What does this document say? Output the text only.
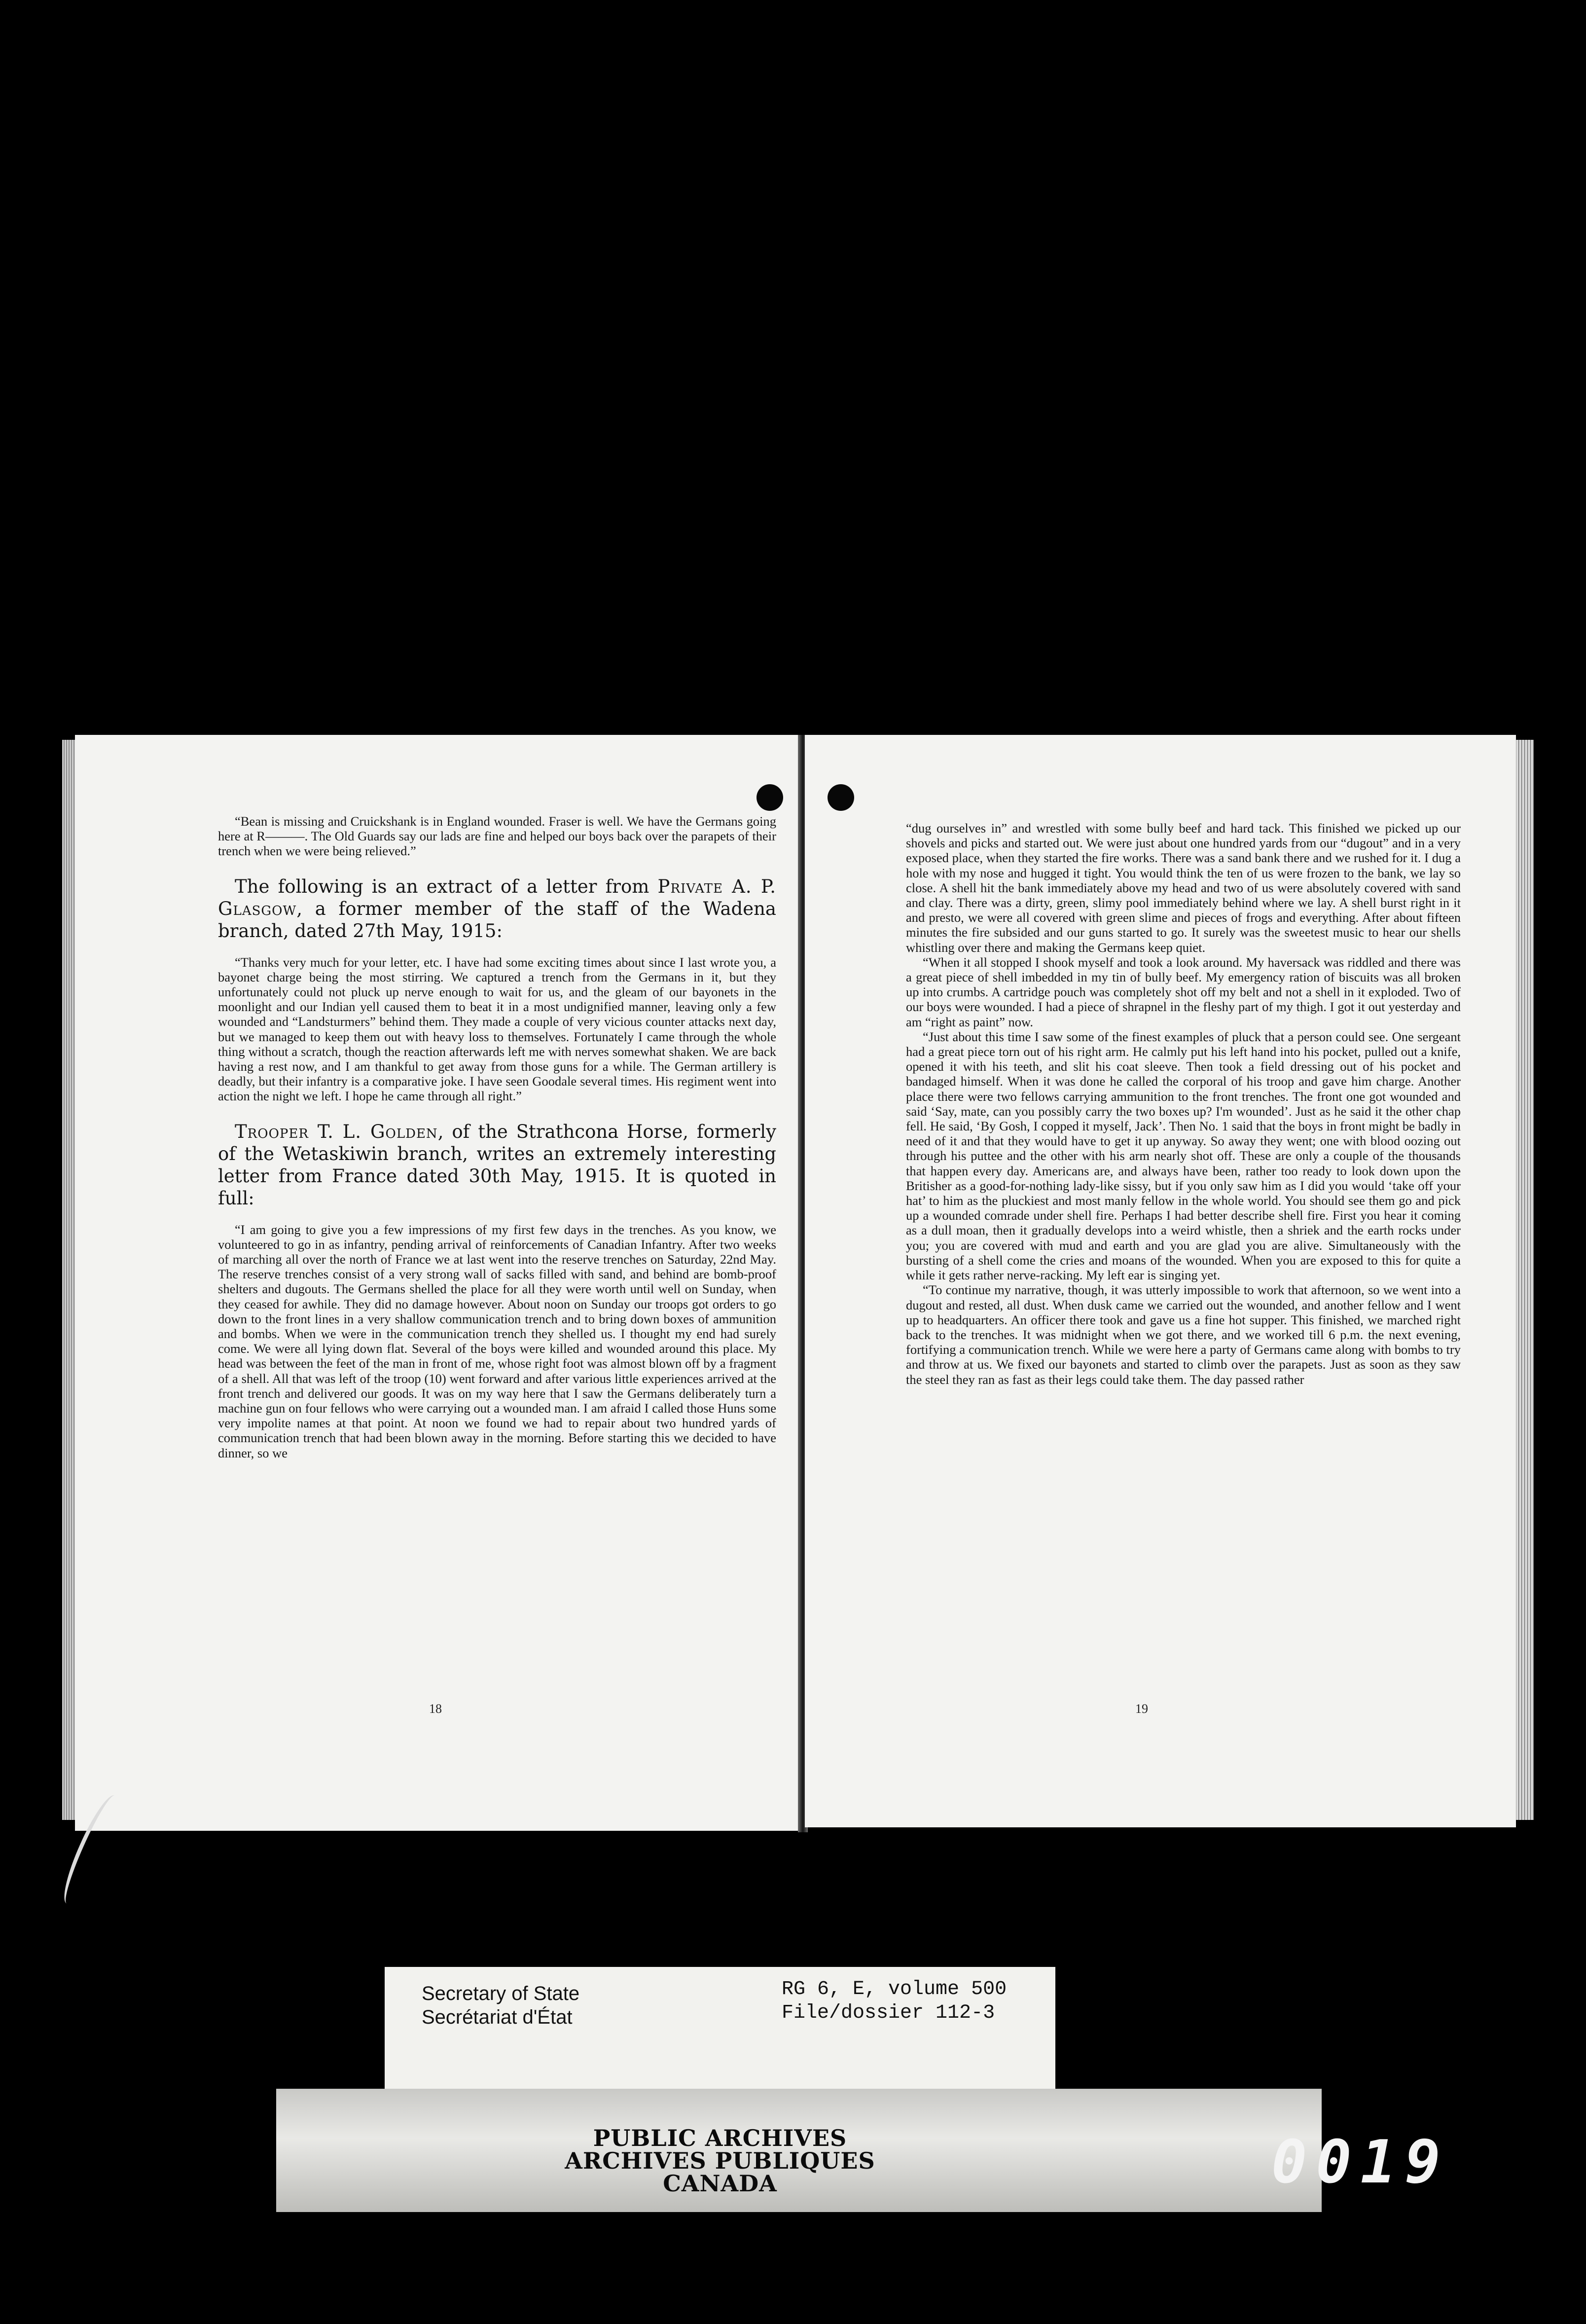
“Bean is missing and Cruickshank is in England wounded. Fraser is well. We have the Germans going here at R———. The Old Guards say our lads are fine and helped our boys back over the parapets of their trench when we were being relieved.”

The following is an extract of a letter from Private A. P. Glasgow, a former member of the staff of the Wadena branch, dated 27th May, 1915:

“Thanks very much for your letter, etc. I have had some exciting times about since I last wrote you, a bayonet charge being the most stirring. We captured a trench from the Germans in it, but they unfortunately could not pluck up nerve enough to wait for us, and the gleam of our bayonets in the moonlight and our Indian yell caused them to beat it in a most undignified manner, leaving only a few wounded and “Landsturmers” behind them. They made a couple of very vicious counter attacks next day, but we managed to keep them out with heavy loss to themselves. Fortunately I came through the whole thing without a scratch, though the reaction afterwards left me with nerves somewhat shaken. We are back having a rest now, and I am thankful to get away from those guns for a while. The German artillery is deadly, but their infantry is a comparative joke. I have seen Goodale several times. His regiment went into action the night we left. I hope he came through all right.”

Trooper T. L. Golden, of the Strathcona Horse, formerly of the Wetaskiwin branch, writes an extremely interesting letter from France dated 30th May, 1915. It is quoted in full:

“I am going to give you a few impressions of my first few days in the trenches. As you know, we volunteered to go in as infantry, pending arrival of reinforcements of Canadian Infantry. After two weeks of marching all over the north of France we at last went into the reserve trenches on Saturday, 22nd May. The reserve trenches consist of a very strong wall of sacks filled with sand, and behind are bomb-proof shelters and dugouts. The Germans shelled the place for all they were worth until well on Sunday, when they ceased for awhile. They did no damage however. About noon on Sunday our troops got orders to go down to the front lines in a very shallow communication trench and to bring down boxes of ammunition and bombs. When we were in the communication trench they shelled us. I thought my end had surely come. We were all lying down flat. Several of the boys were killed and wounded around this place. My head was between the feet of the man in front of me, whose right foot was almost blown off by a fragment of a shell. All that was left of the troop (10) went forward and after various little experiences arrived at the front trench and delivered our goods. It was on my way here that I saw the Germans deliberately turn a machine gun on four fellows who were carrying out a wounded man. I am afraid I called those Huns some very impolite names at that point. At noon we found we had to repair about two hundred yards of communication trench that had been blown away in the morning. Before starting this we decided to have dinner, so we

18

“dug ourselves in” and wrestled with some bully beef and hard tack. This finished we picked up our shovels and picks and started out. We were just about one hundred yards from our “dugout” and in a very exposed place, when they started the fire works. There was a sand bank there and we rushed for it. I dug a hole with my nose and hugged it tight. You would think the ten of us were frozen to the bank, we lay so close. A shell hit the bank immediately above my head and two of us were absolutely covered with sand and clay. There was a dirty, green, slimy pool immediately behind where we lay. A shell burst right in it and presto, we were all covered with green slime and pieces of frogs and everything. After about fifteen minutes the fire subsided and our guns started to go. It surely was the sweetest music to hear our shells whistling over there and making the Germans keep quiet.

“When it all stopped I shook myself and took a look around. My haversack was riddled and there was a great piece of shell imbedded in my tin of bully beef. My emergency ration of biscuits was all broken up into crumbs. A cartridge pouch was completely shot off my belt and not a shell in it exploded. Two of our boys were wounded. I had a piece of shrapnel in the fleshy part of my thigh. I got it out yesterday and am “right as paint” now.

“Just about this time I saw some of the finest examples of pluck that a person could see. One sergeant had a great piece torn out of his right arm. He calmly put his left hand into his pocket, pulled out a knife, opened it with his teeth, and slit his coat sleeve. Then took a field dressing out of his pocket and bandaged himself. When it was done he called the corporal of his troop and gave him charge. Another place there were two fellows carrying ammunition to the front trenches. The front one got wounded and said ‘Say, mate, can you possibly carry the two boxes up? I'm wounded’. Just as he said it the other chap fell. He said, ‘By Gosh, I copped it myself, Jack’. Then No. 1 said that the boys in front might be badly in need of it and that they would have to get it up anyway. So away they went; one with blood oozing out through his puttee and the other with his arm nearly shot off. These are only a couple of the thousands that happen every day. Americans are, and always have been, rather too ready to look down upon the Britisher as a good-for-nothing lady-like sissy, but if you only saw him as I did you would ‘take off your hat’ to him as the pluckiest and most manly fellow in the whole world. You should see them go and pick up a wounded comrade under shell fire. Perhaps I had better describe shell fire. First you hear it coming as a dull moan, then it gradually develops into a weird whistle, then a shriek and the earth rocks under you; you are covered with mud and earth and you are glad you are alive. Simultaneously with the bursting of a shell come the cries and moans of the wounded. When you are exposed to this for quite a while it gets rather nerve-racking. My left ear is singing yet.

“To continue my narrative, though, it was utterly impossible to work that afternoon, so we went into a dugout and rested, all dust. When dusk came we carried out the wounded, and another fellow and I went up to headquarters. An officer there took and gave us a fine hot supper. This finished, we marched right back to the trenches. It was midnight when we got there, and we worked till 6 p.m. the next evening, fortifying a communication trench. While we were here a party of Germans came along with bombs to try and throw at us. We fixed our bayonets and started to climb over the parapets. Just as soon as they saw the steel they ran as fast as their legs could take them. The day passed rather

19
Secretary of State
Secrétariat d'État
RG 6, E, volume 500
File/dossier 112-3
PUBLIC ARCHIVES
ARCHIVES PUBLIQUES
CANADA	0019
